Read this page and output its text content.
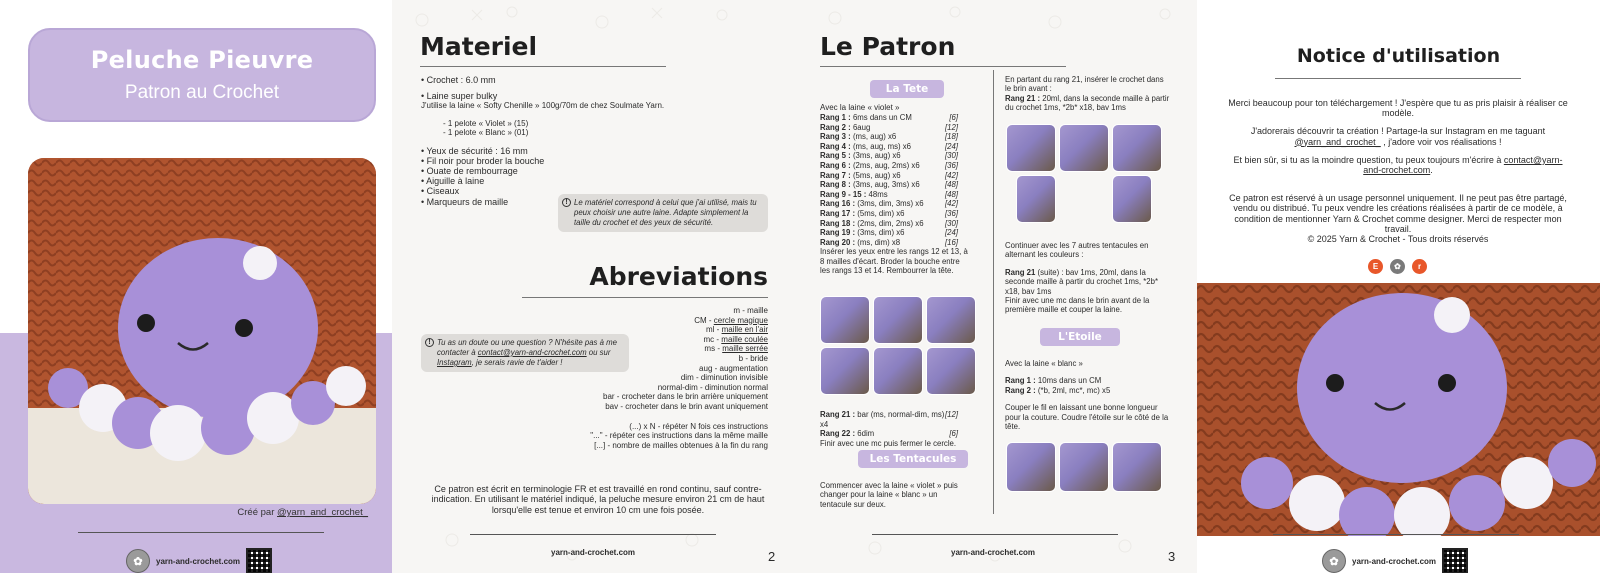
Peluche Pieuvre
Patron au Crochet
Créé par @yarn_and_crochet_
✿	yarn-and-crochet.com
Materiel
• Crochet : 6.0 mm
• Laine super bulky
J'utilise la laine « Softy Chenille » 100g/70m de chez Soulmate Yarn.
- 1 pelote « Violet » (15)
- 1 pelote « Blanc » (01)
• Yeux de sécurité : 16 mm
• Fil noir pour broder la bouche
• Ouate de rembourrage
• Aiguille à laine
• Ciseaux
• Marqueurs de maille	! Le matériel correspond à celui que j'ai utilisé, mais tu peux choisir une autre laine. Adapte simplement la taille du crochet et des yeux de sécurité.
Abreviations
! Tu as un doute ou une question ? N'hésite pas à me contacter à contact@yarn-and-crochet.com ou sur Instagram, je serais ravie de t'aider !
m - maille
CM - cercle magique
ml - maille en l'air
mc - maille coulée
ms - maille serrée
b - bride
aug - augmentation
dim - diminution invisible
normal-dim - diminution normal
bar - crocheter dans le brin arrière uniquement
bav - crocheter dans le brin avant uniquement
(...) x N - répéter N fois ces instructions
"..." - répéter ces instructions dans la même maille
[...] - nombre de mailles obtenues à la fin du rang
Ce patron est écrit en terminologie FR et est travaillé en rond continu, sauf contre-indication. En utilisant le matériel indiqué, la peluche mesure environ 21 cm de haut lorsqu'elle est tenue et environ 10 cm une fois posée.
yarn-and-crochet.com	2
Le Patron
La Tete
Avec la laine « violet »
Rang 1 : 6ms dans un CM	[6]
Rang 2 : 6aug	[12]
Rang 3 : (ms, aug) x6	[18]
Rang 4 : (ms, aug, ms) x6	[24]
Rang 5 : (3ms, aug) x6	[30]
Rang 6 : (2ms, aug, 2ms) x6	[36]
Rang 7 : (5ms, aug) x6	[42]
Rang 8 : (3ms, aug, 3ms) x6	[48]
Rang 9 - 15 : 48ms	[48]
Rang 16 : (3ms, dim, 3ms) x6	[42]
Rang 17 : (5ms, dim) x6	[36]
Rang 18 : (2ms, dim, 2ms) x6	[30]
Rang 19 : (3ms, dim) x6	[24]
Rang 20 : (ms, dim) x8	[16]
Insérer les yeux entre les rangs 12 et 13, à 8 mailles d'écart. Broder la bouche entre les rangs 13 et 14. Rembourrer la tête.
Rang 21 : bar (ms, normal-dim, ms) x4
[12]
Rang 22 : 6dim	[6]
Finir avec une mc puis fermer le cercle.
Les Tentacules
Commencer avec la laine « violet » puis changer pour la laine « blanc » un tentacule sur deux.
En partant du rang 21, insérer le crochet dans le brin avant :
Rang 21 : 20ml, dans la seconde maille à partir du crochet 1ms, *2b* x18, bav 1ms
Continuer avec les 7 autres tentacules en alternant les couleurs :
Rang 21 (suite) : bav 1ms, 20ml, dans la seconde maille à partir du crochet 1ms, *2b* x18, bav 1ms
Finir avec une mc dans le brin avant de la première maille et couper la laine.
L'Etoile
Avec la laine « blanc »
Rang 1 : 10ms dans un CM
Rang 2 : (*b, 2ml, mc*, mc) x5
Couper le fil en laissant une bonne longueur pour la couture. Coudre l'étoile sur le côté de la tête.
yarn-and-crochet.com	3
Notice d'utilisation
Merci beaucoup pour ton téléchargement ! J'espère que tu as pris plaisir à réaliser ce modèle.
J'adorerais découvrir ta création ! Partage-la sur Instagram en me taguant @yarn_and_crochet_ , j'adore voir vos réalisations !
Et bien sûr, si tu as la moindre question, tu peux toujours m'écrire à contact@yarn-and-crochet.com.
Ce patron est réservé à un usage personnel uniquement. Il ne peut pas être partagé, vendu ou distribué. Tu peux vendre les créations réalisées à partir de ce modèle, à condition de mentionner Yarn & Crochet comme designer. Merci de respecter mon travail.
© 2025 Yarn & Crochet - Tous droits réservés
E	✿	r
✿	yarn-and-crochet.com
